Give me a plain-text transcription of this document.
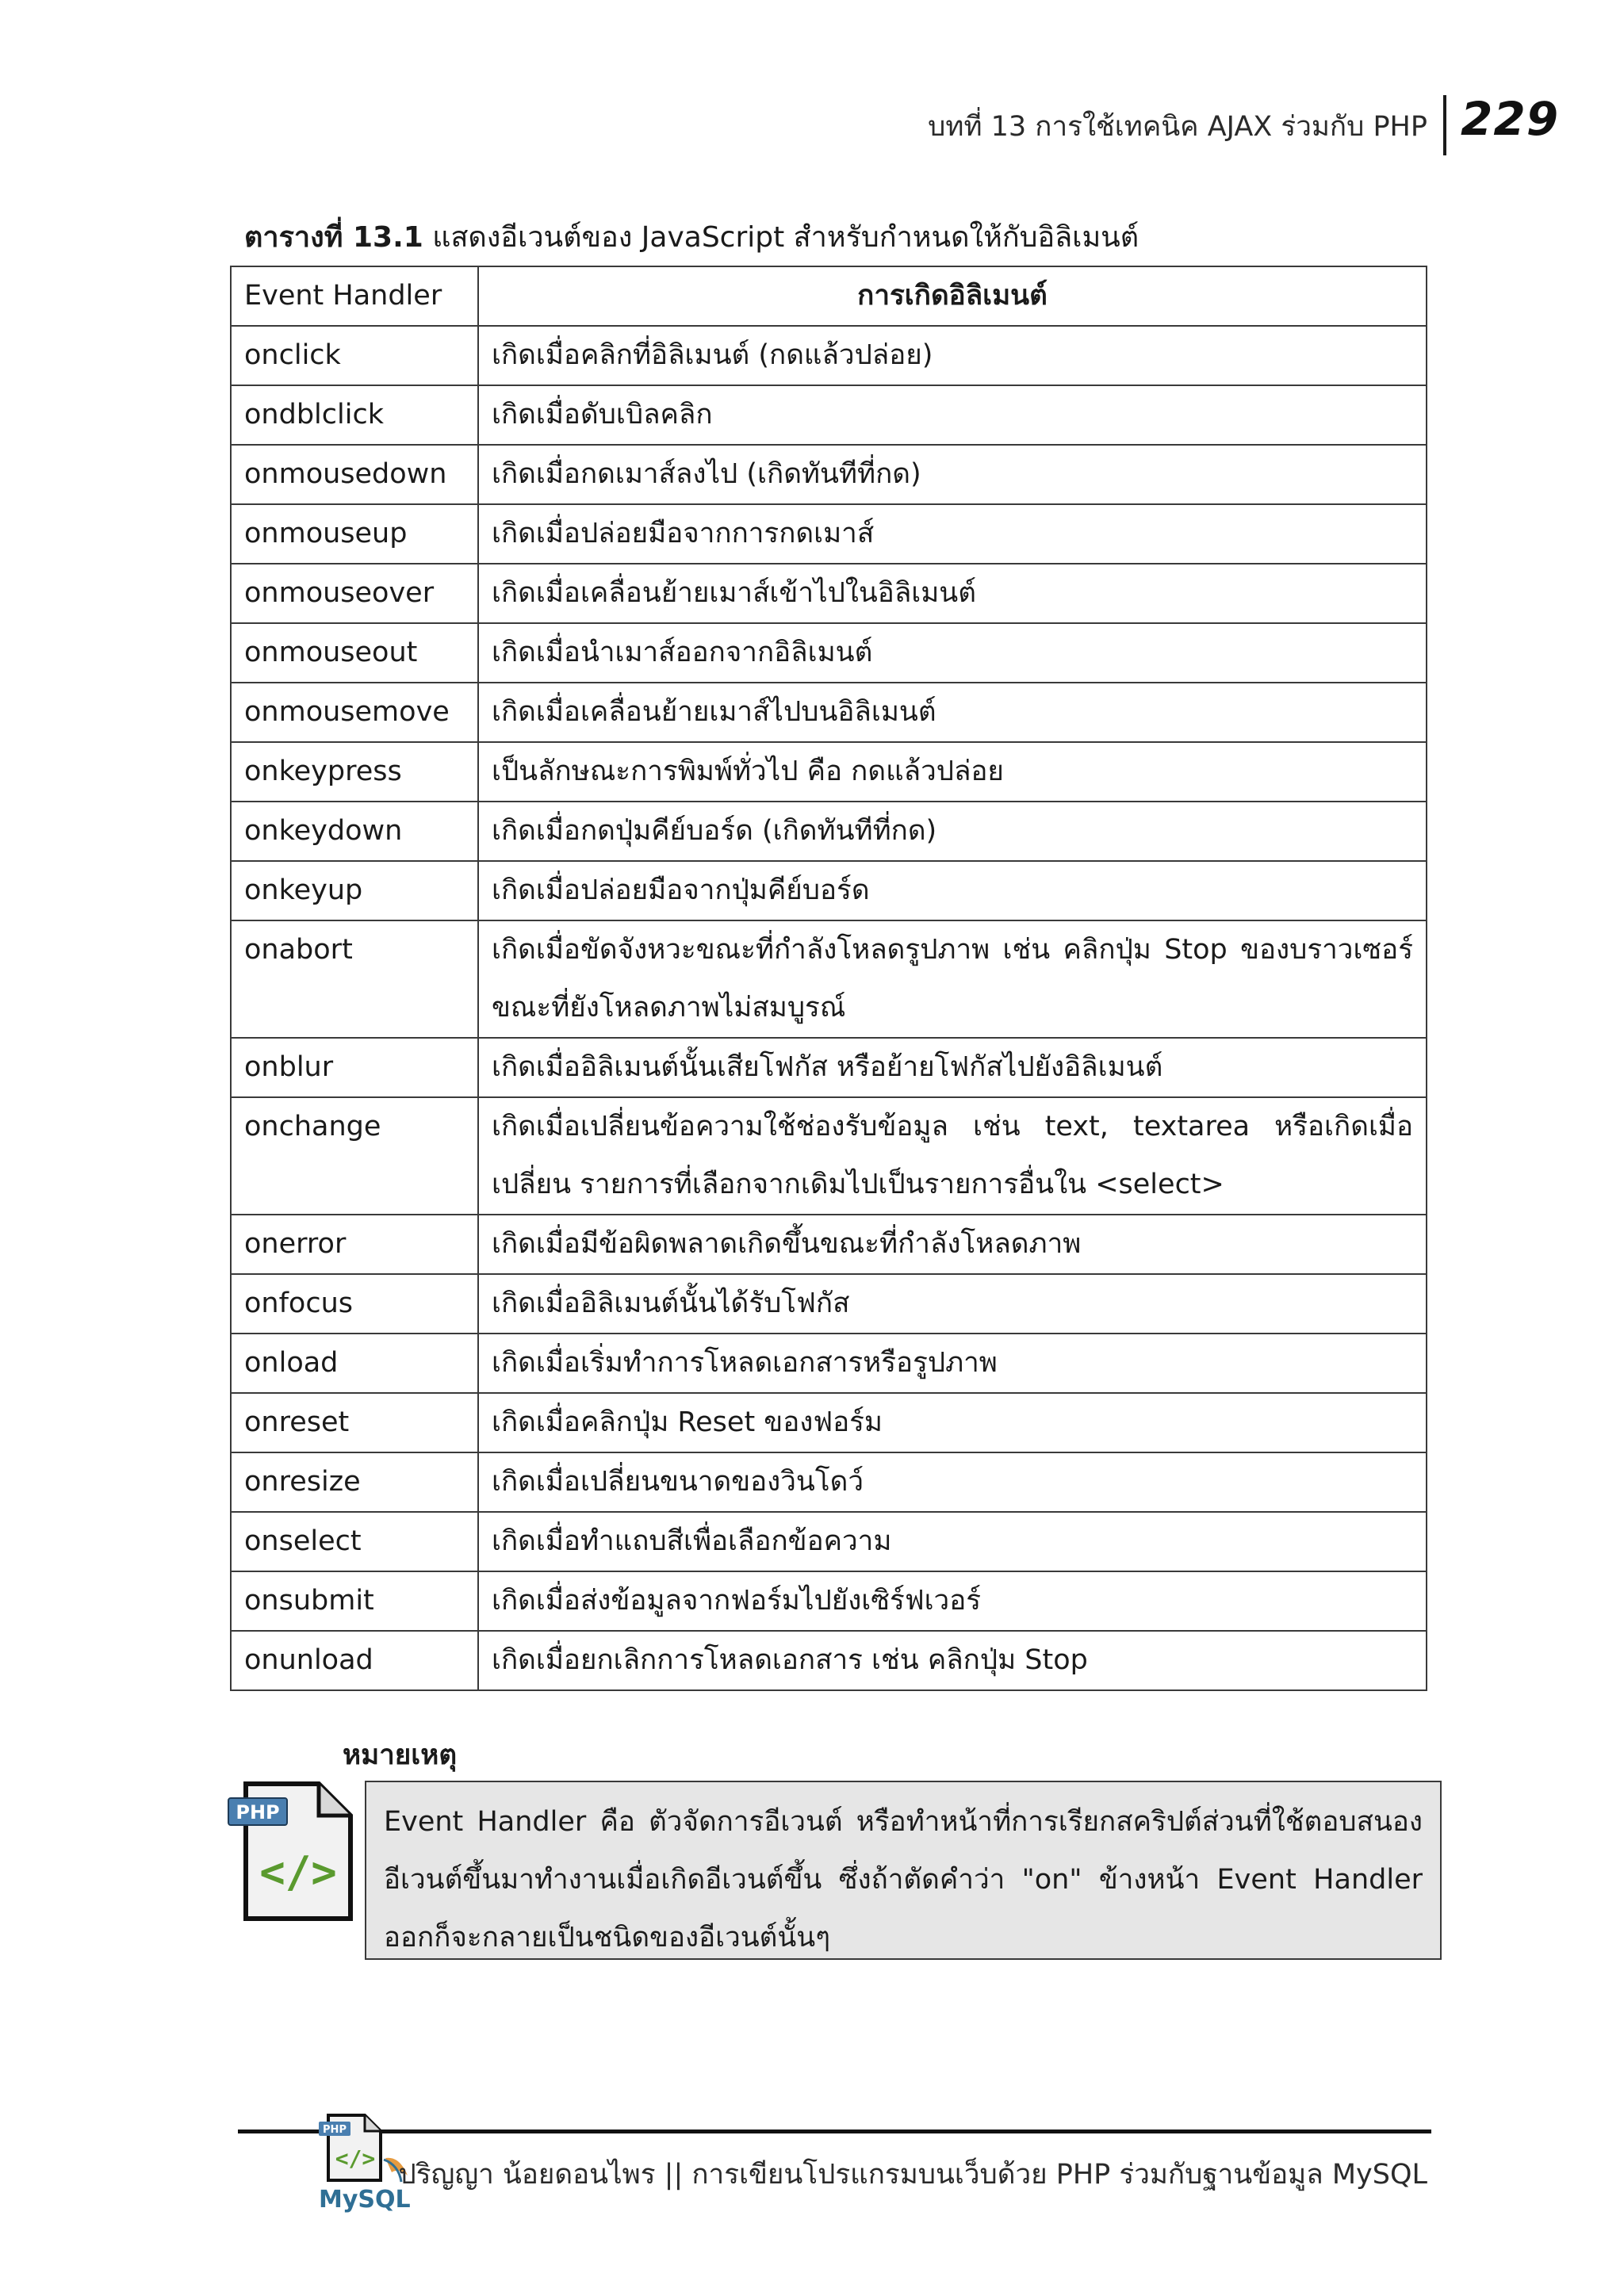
บทที่ 13 การใช้เทคนิค AJAX ร่วมกับ PHP 229
ตารางที่ 13.1 แสดงอีเวนต์ของ JavaScript สำหรับกำหนดให้กับอิลิเมนต์
Event Handler	การเกิดอิลิเมนต์
onclick	เกิดเมื่อคลิกที่อิลิเมนต์ (กดแล้วปล่อย)
ondblclick	เกิดเมื่อดับเบิลคลิก
onmousedown	เกิดเมื่อกดเมาส์ลงไป (เกิดทันทีที่กด)
onmouseup	เกิดเมื่อปล่อยมือจากการกดเมาส์
onmouseover	เกิดเมื่อเคลื่อนย้ายเมาส์เข้าไปในอิลิเมนต์
onmouseout	เกิดเมื่อนำเมาส์ออกจากอิลิเมนต์
onmousemove	เกิดเมื่อเคลื่อนย้ายเมาส์ไปบนอิลิเมนต์
onkeypress	เป็นลักษณะการพิมพ์ทั่วไป คือ กดแล้วปล่อย
onkeydown	เกิดเมื่อกดปุ่มคีย์บอร์ด (เกิดทันทีที่กด)
onkeyup	เกิดเมื่อปล่อยมือจากปุ่มคีย์บอร์ด
onabort	เกิดเมื่อขัดจังหวะขณะที่กำลังโหลดรูปภาพ เช่น คลิกปุ่ม Stop ของบราวเซอร์ ขณะที่ยังโหลดภาพไม่สมบูรณ์
onblur	เกิดเมื่ออิลิเมนต์นั้นเสียโฟกัส หรือย้ายโฟกัสไปยังอิลิเมนต์
onchange	เกิดเมื่อเปลี่ยนข้อความใช้ช่องรับข้อมูล เช่น text, textarea หรือเกิดเมื่อเปลี่ยน รายการที่เลือกจากเดิมไปเป็นรายการอื่นใน <select>
onerror	เกิดเมื่อมีข้อผิดพลาดเกิดขึ้นขณะที่กำลังโหลดภาพ
onfocus	เกิดเมื่ออิลิเมนต์นั้นได้รับโฟกัส
onload	เกิดเมื่อเริ่มทำการโหลดเอกสารหรือรูปภาพ
onreset	เกิดเมื่อคลิกปุ่ม Reset ของฟอร์ม
onresize	เกิดเมื่อเปลี่ยนขนาดของวินโดว์
onselect	เกิดเมื่อทำแถบสีเพื่อเลือกข้อความ
onsubmit	เกิดเมื่อส่งข้อมูลจากฟอร์มไปยังเซิร์ฟเวอร์
onunload	เกิดเมื่อยกเลิกการโหลดเอกสาร เช่น คลิกปุ่ม Stop
หมายเหตุ
PHP
</>
Event Handler คือ ตัวจัดการอีเวนต์ หรือทำหน้าที่การเรียกสคริปต์ส่วนที่ใช้ตอบสนองอีเวนต์ขึ้นมาทำงานเมื่อเกิดอีเวนต์ขึ้น ซึ่งถ้าตัดคำว่า "on" ข้างหน้า Event Handler ออกก็จะกลายเป็นชนิดของอีเวนต์นั้นๆ
PHP
</>
MySQL
ปริญญา น้อยดอนไพร || การเขียนโปรแกรมบนเว็บด้วย PHP ร่วมกับฐานข้อมูล MySQL
